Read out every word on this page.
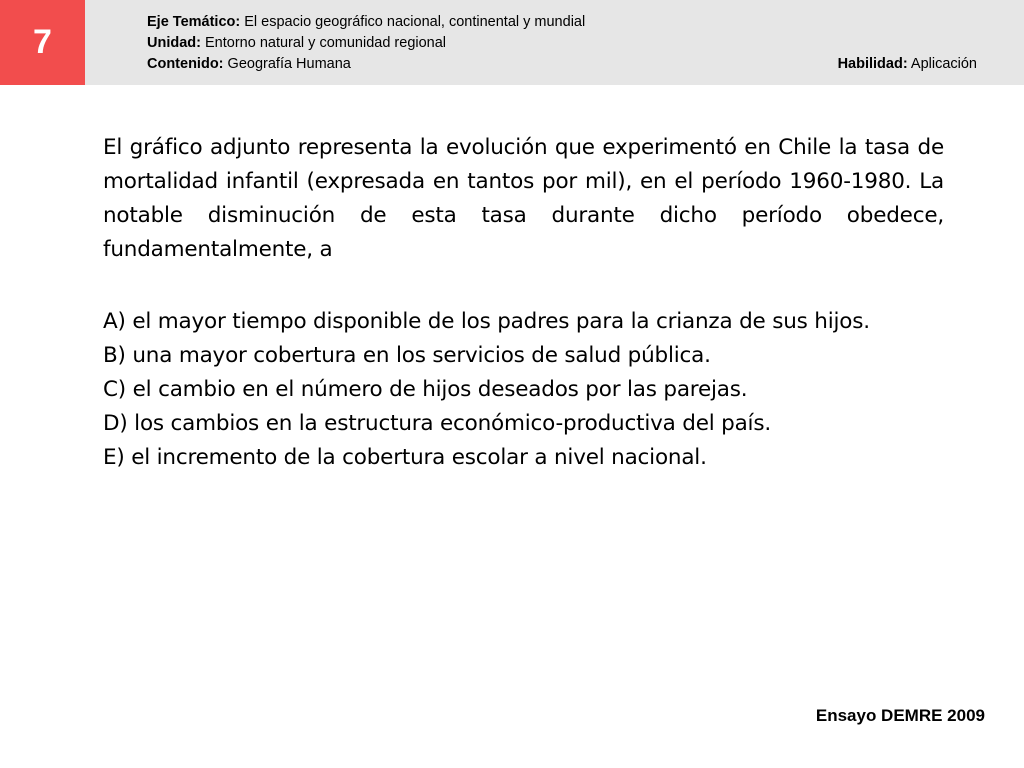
7
Eje Temático: El espacio geográfico nacional, continental y mundial
Unidad: Entorno natural y comunidad regional
Contenido: Geografía Humana	Habilidad: Aplicación
El gráfico adjunto representa la evolución que experimentó en Chile la tasa de mortalidad infantil (expresada en tantos por mil), en el período 1960-1980. La notable disminución de esta tasa durante dicho período obedece, fundamentalmente, a
A) el mayor tiempo disponible de los padres para la crianza de sus hijos.
B) una mayor cobertura en los servicios de salud pública.
C) el cambio en el número de hijos deseados por las parejas.
D) los cambios en la estructura económico-productiva del país.
E) el incremento de la cobertura escolar a nivel nacional.
Ensayo DEMRE 2009
